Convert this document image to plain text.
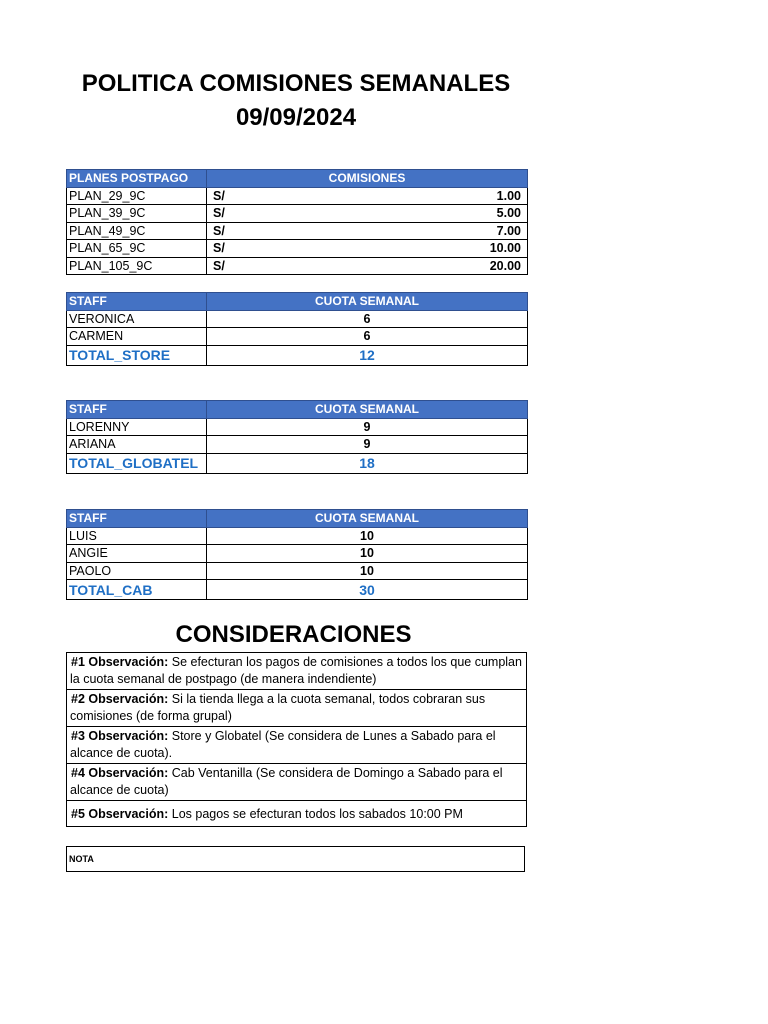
POLITICA COMISIONES SEMANALES
09/09/2024
PLANES POSTPAGO	COMISIONES
PLAN_29_9C	S/ 1.00

PLAN_39_9C	S/ 5.00

PLAN_49_9C	S/ 7.00

PLAN_65_9C	S/ 10.00

PLAN_105_9C	S/ 20.00
STAFF	CUOTA SEMANAL
VERONICA	6
CARMEN	6
TOTAL_STORE	12
STAFF	CUOTA SEMANAL
LORENNY	9
ARIANA	9
TOTAL_GLOBATEL	18
STAFF	CUOTA SEMANAL
LUIS	10
ANGIE	10
PAOLO	10
TOTAL_CAB	30
CONSIDERACIONES
#1 Observación: Se efecturan los pagos de comisiones a todos los que cumplan la cuota semanal de postpago (de manera indendiente)
#2 Observación: Si la tienda llega a la cuota semanal, todos cobraran sus comisiones (de forma grupal)
#3 Observación: Store y Globatel (Se considera de Lunes a Sabado para el alcance de cuota).
#4 Observación: Cab Ventanilla (Se considera de Domingo a Sabado para el alcance de cuota)
#5 Observación: Los pagos se efecturan todos los sabados 10:00 PM
NOTA
